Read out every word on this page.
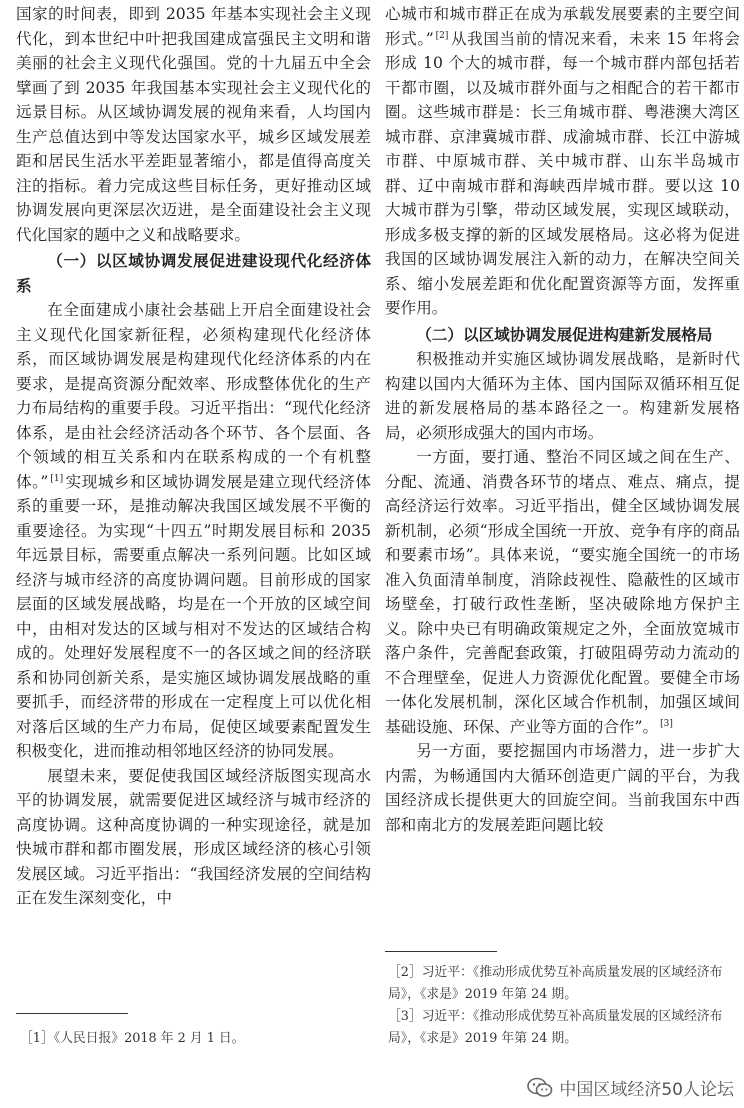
国家的时间表，即到 2035 年基本实现社会主义现代化，到本世纪中叶把我国建成富强民主文明和谐美丽的社会主义现代化强国。党的十九届五中全会擘画了到 2035 年我国基本实现社会主义现代化的远景目标。从区域协调发展的视角来看，人均国内生产总值达到中等发达国家水平，城乡区域发展差距和居民生活水平差距显著缩小，都是值得高度关注的指标。着力完成这些目标任务，更好推动区域协调发展向更深层次迈进，是全面建设社会主义现代化国家的题中之义和战略要求。

（一）以区域协调发展促进建设现代化经济体系

在全面建成小康社会基础上开启全面建设社会主义现代化国家新征程，必须构建现代化经济体系，而区域协调发展是构建现代化经济体系的内在要求，是提高资源分配效率、形成整体优化的生产力布局结构的重要手段。习近平指出：“现代化经济体系，是由社会经济活动各个环节、各个层面、各个领域的相互关系和内在联系构成的一个有机整体。” [1] 实现城乡和区域协调发展是建立现代经济体系的重要一环，是推动解决我国区域发展不平衡的重要途径。为实现“十四五”时期发展目标和 2035 年远景目标，需要重点解决一系列问题。比如区域经济与城市经济的高度协调问题。目前形成的国家层面的区域发展战略，均是在一个开放的区域空间中，由相对发达的区域与相对不发达的区域结合构成的。处理好发展程度不一的各区域之间的经济联系和协同创新关系，是实施区域协调发展战略的重要抓手，而经济带的形成在一定程度上可以优化相对落后区域的生产力布局，促使区域要素配置发生积极变化，进而推动相邻地区经济的协同发展。

展望未来，要促使我国区域经济版图实现高水平的协调发展，就需要促进区域经济与城市经济的高度协调。这种高度协调的一种实现途径，就是加快城市群和都市圈发展，形成区域经济的核心引领发展区域。习近平指出：“我国经济发展的空间结构正在发生深刻变化，中

［1］《人民日报》2018 年 2 月 1 日。

心城市和城市群正在成为承载发展要素的主要空间形式。” [2] 从我国当前的情况来看，未来 15 年将会形成 10 个大的城市群，每一个城市群内部包括若干都市圈，以及城市群外面与之相配合的若干都市圈。这些城市群是：长三角城市群、粤港澳大湾区城市群、京津冀城市群、成渝城市群、长江中游城市群、中原城市群、关中城市群、山东半岛城市群、辽中南城市群和海峡西岸城市群。要以这 10 大城市群为引擎，带动区域发展，实现区域联动，形成多极支撑的新的区域发展格局。这必将为促进我国的区域协调发展注入新的动力，在解决空间关系、缩小发展差距和优化配置资源等方面，发挥重要作用。

（二）以区域协调发展促进构建新发展格局

积极推动并实施区域协调发展战略，是新时代构建以国内大循环为主体、国内国际双循环相互促进的新发展格局的基本路径之一。构建新发展格局，必须形成强大的国内市场。

一方面，要打通、整治不同区域之间在生产、分配、流通、消费各环节的堵点、难点、痛点，提高经济运行效率。习近平指出，健全区域协调发展新机制，必须“形成全国统一开放、竞争有序的商品和要素市场”。具体来说，“要实施全国统一的市场准入负面清单制度，消除歧视性、隐蔽性的区域市场壁垒，打破行政性垄断，坚决破除地方保护主义。除中央已有明确政策规定之外，全面放宽城市落户条件，完善配套政策，打破阻碍劳动力流动的不合理壁垒，促进人力资源优化配置。要健全市场一体化发展机制，深化区域合作机制，加强区域间基础设施、环保、产业等方面的合作”。 [3]

另一方面，要挖掘国内市场潜力，进一步扩大内需，为畅通国内大循环创造更广阔的平台，为我国经济成长提供更大的回旋空间。当前我国东中西部和南北方的发展差距问题比较

［2］习近平：《推动形成优势互补高质量发展的区域经济布局》，《求是》2019 年第 24 期。
［3］习近平：《推动形成优势互补高质量发展的区域经济布局》，《求是》2019 年第 24 期。
中国区域经济50人论坛
